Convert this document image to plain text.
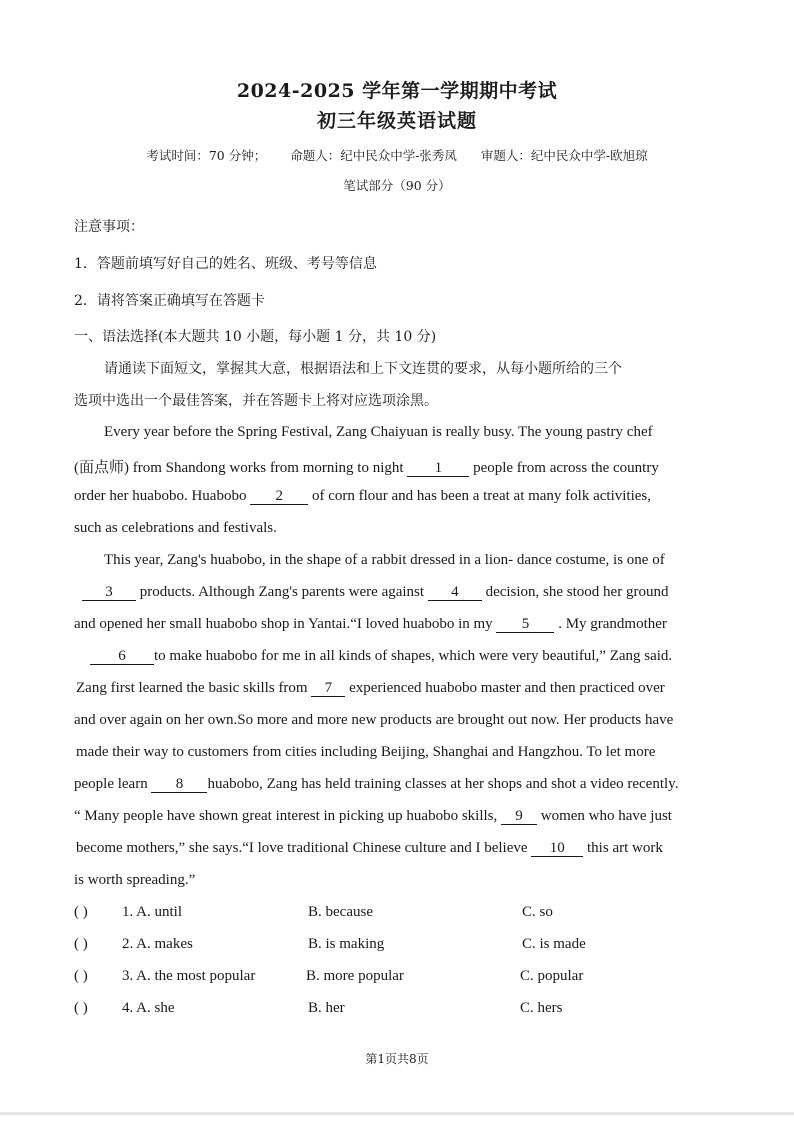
2024-2025 学年第一学期期中考试
初三年级英语试题
考试时间：70 分钟； 命题人：纪中民众中学-张秀凤 审题人：纪中民众中学-欧旭琼
笔试部分（90 分）
注意事项：
1．答题前填写好自己的姓名、班级、考号等信息
2．请将答案正确填写在答题卡
一、语法选择(本大题共 10 小题，每小题 1 分，共 10 分)
请通读下面短文，掌握其大意，根据语法和上下文连贯的要求，从每小题所给的三个
选项中选出一个最佳答案，并在答题卡上将对应选项涂黑。
Every year before the Spring Festival, Zang Chaiyuan is really busy. The young pastry chef
(面点师) from Shandong works from morning to night 1 people from across the country
order her huabobo. Huabobo 2 of corn flour and has been a treat at many folk activities,
such as celebrations and festivals.
This year, Zang's huabobo, in the shape of a rabbit dressed in a lion- dance costume, is one of
3 products. Although Zang's parents were against 4 decision, she stood her ground
and opened her small huabobo shop in Yantai.“I loved huabobo in my 5 . My grandmother
6 to make huabobo for me in all kinds of shapes, which were very beautiful,” Zang said.
Zang first learned the basic skills from 7 experienced huabobo master and then practiced over
and over again on her own.So more and more new products are brought out now. Her products have
made their way to customers from cities including Beijing, Shanghai and Hangzhou. To let more
people learn 8 huabobo, Zang has held training classes at her shops and shot a video recently.
“ Many people have shown great interest in picking up huabobo skills, 9 women who have just
become mothers,” she says.“I love traditional Chinese culture and I believe 10 this art work
is worth spreading.”
( ) 1. A. until	B. because	C. so
( ) 2. A. makes	B. is making	C. is made
( ) 3. A. the most popular	B. more popular	C. popular
( ) 4. A. she	B. her	C. hers
第1页共8页
